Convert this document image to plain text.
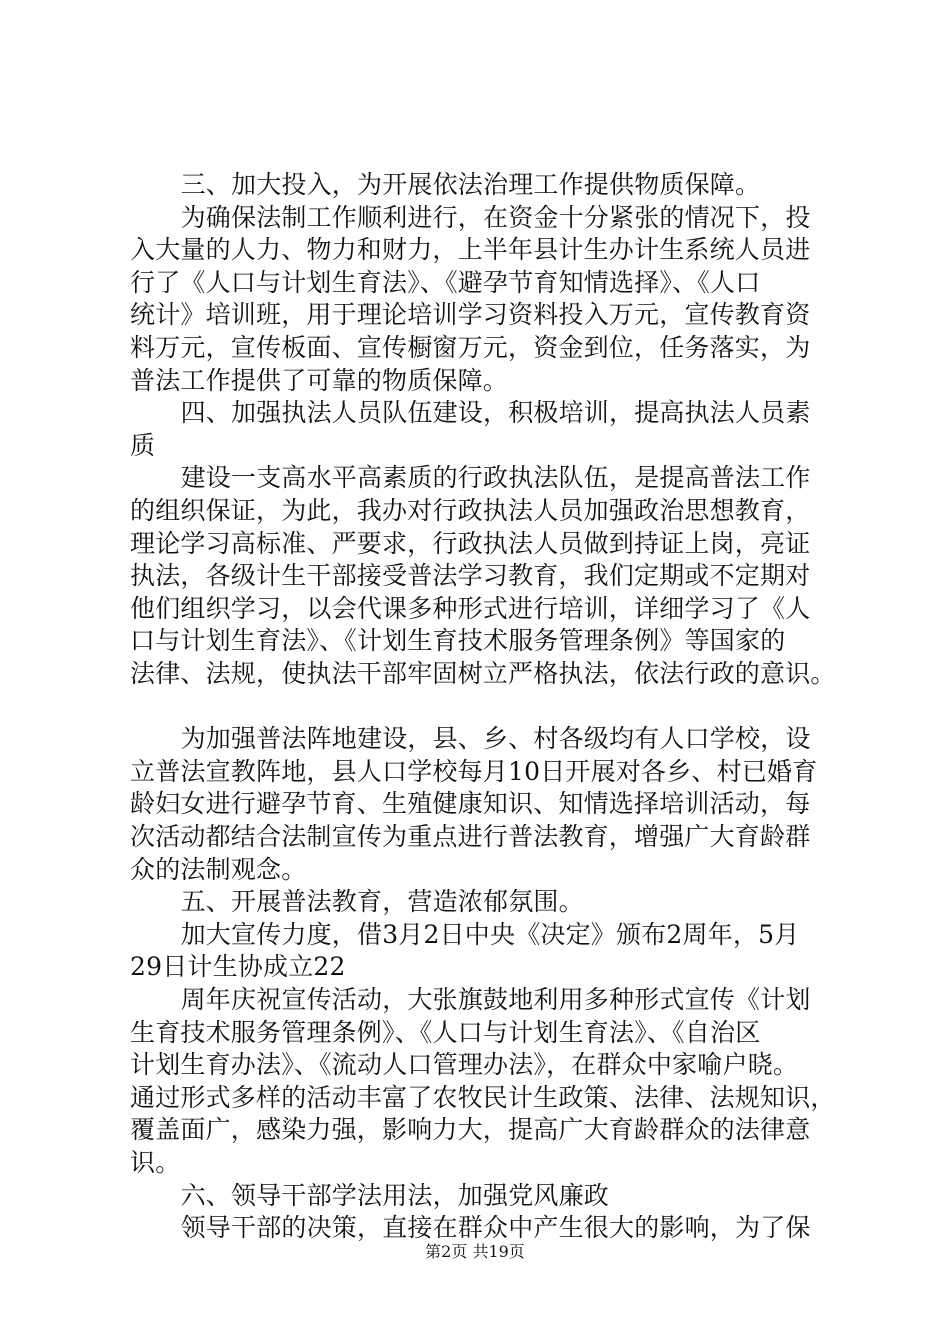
三、加大投入，为开展依法治理工作提供物质保障。
为确保法制工作顺利进行，在资金十分紧张的情况下，投
入大量的人力、物力和财力，上半年县计生办计生系统人员进
行了《人口与计划生育法》、《避孕节育知情选择》、《人口
统计》培训班，用于理论培训学习资料投入万元，宣传教育资
料万元，宣传板面、宣传橱窗万元，资金到位，任务落实，为
普法工作提供了可靠的物质保障。
四、加强执法人员队伍建设，积极培训，提高执法人员素
质
建设一支高水平高素质的行政执法队伍，是提高普法工作
的组织保证，为此，我办对行政执法人员加强政治思想教育，
理论学习高标准、严要求，行政执法人员做到持证上岗，亮证
执法，各级计生干部接受普法学习教育，我们定期或不定期对
他们组织学习，以会代课多种形式进行培训，详细学习了《人
口与计划生育法》、《计划生育技术服务管理条例》等国家的
法律、法规，使执法干部牢固树立严格执法，依法行政的意识。
为加强普法阵地建设，县、乡、村各级均有人口学校，设
立普法宣教阵地，县人口学校每月10日开展对各乡、村已婚育
龄妇女进行避孕节育、生殖健康知识、知情选择培训活动，每
次活动都结合法制宣传为重点进行普法教育，增强广大育龄群
众的法制观念。
五、开展普法教育，营造浓郁氛围。
加大宣传力度，借3月2日中央《决定》颁布2周年，5月
29日计生协成立22
周年庆祝宣传活动，大张旗鼓地利用多种形式宣传《计划
生育技术服务管理条例》、《人口与计划生育法》、《自治区
计划生育办法》、《流动人口管理办法》，在群众中家喻户晓。
通过形式多样的活动丰富了农牧民计生政策、法律、法规知识，
覆盖面广，感染力强，影响力大，提高广大育龄群众的法律意
识。
六、领导干部学法用法，加强党风廉政
领导干部的决策，直接在群众中产生很大的影响，为了保
第2页 共19页
